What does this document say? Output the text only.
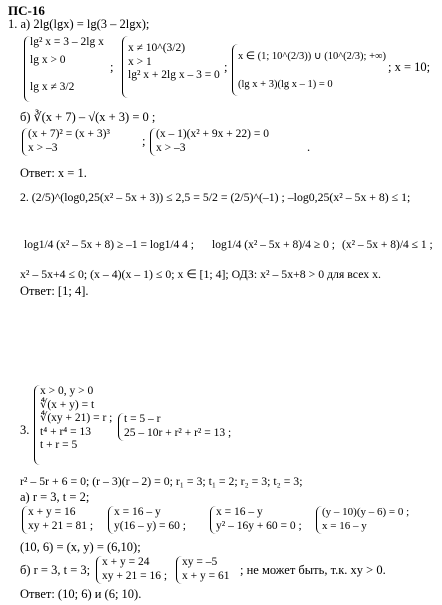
ПС-16
1. а) 2lg(lgx) = lg(3 – 2lgx);
lg² x = 3 – 2lg x
lg x > 0
lg x ≠ 3/2
;
x ≠ 10^(3/2)
x > 1
lg² x + 2lg x – 3 = 0
;
x ∈ (1; 10^(2/3)) ∪ (10^(2/3); +∞)
(lg x + 3)(lg x – 1) = 0
; x = 10;
б) ∛(x + 7) – √(x + 3) = 0 ;
(x + 7)² = (x + 3)³
x > –3	; (x – 1)(x² + 9x + 22) = 0
x > –3	.
Ответ: x = 1.
2. (2/5)^(log0,25(x² – 5x + 3)) ≤ 2,5 = 5/2 = (2/5)^(–1) ; –log0,25(x² – 5x + 8) ≤ 1;
log1/4 (x² – 5x + 8) ≥ –1 = log1/4 4 ; log1/4 (x² – 5x + 8)/4 ≥ 0 ; (x² – 5x + 8)/4 ≤ 1 ;
x² – 5x+4 ≤ 0; (x – 4)(x – 1) ≤ 0; x ∈ [1; 4]; ОДЗ: x² – 5x+8 > 0 для всех x.
Ответ: [1; 4].
3.
x > 0, y > 0
∜(x + y) = t
∜(xy + 21) = r ;
t⁴ + r⁴ = 13
t + r = 5
t = 5 – r
25 – 10r + r² + r² = 13 ;
r² – 5r + 6 = 0; (r – 3)(r – 2) = 0; r₁ = 3; t₁ = 2; r₂ = 3; t₂ = 3;
а) r = 3, t = 2;
x + y = 16
xy + 21 = 81 ;
x = 16 – y
y(16 – y) = 60 ;
x = 16 – y
y² – 16y + 60 = 0 ;
(y – 10)(y – 6) = 0 ;
x = 16 – y
(10, 6) = (x, y) = (6,10);
б) r = 3, t = 3;
x + y = 24
xy + 21 = 16 ;
xy = –5
x + y = 61 ; не может быть, т.к. xy > 0.
Ответ: (10; 6) и (6; 10).
